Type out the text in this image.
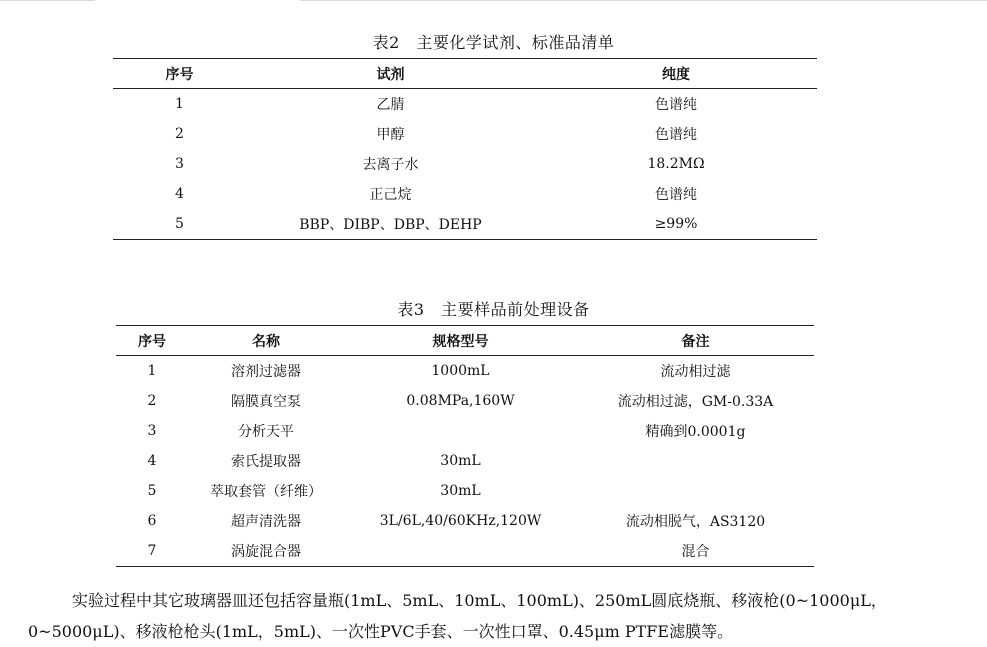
表2　主要化学试剂、标准品清单
序号	试剂	纯度
1	乙腈	色谱纯
2	甲醇	色谱纯
3	去离子水	18.2MΩ
4	正己烷	色谱纯
5	BBP、DIBP、DBP、DEHP	≥99%
表3　主要样品前处理设备
序号	名称	规格型号	备注
1	溶剂过滤器	1000mL	流动相过滤
2	隔膜真空泵	0.08MPa,160W	流动相过滤，GM-0.33A
3	分析天平		精确到0.0001g
4	索氏提取器	30mL	
5	萃取套管（纤维）	30mL	
6	超声清洗器	3L/6L,40/60KHz,120W	流动相脱气，AS3120
7	涡旋混合器		混合

实验过程中其它玻璃器皿还包括容量瓶(1mL、5mL、10mL、100mL)、250mL圆底烧瓶、移液枪(0~1000μL，

0~5000μL)、移液枪枪头(1mL，5mL)、一次性PVC手套、一次性口罩、0.45μm PTFE滤膜等。
